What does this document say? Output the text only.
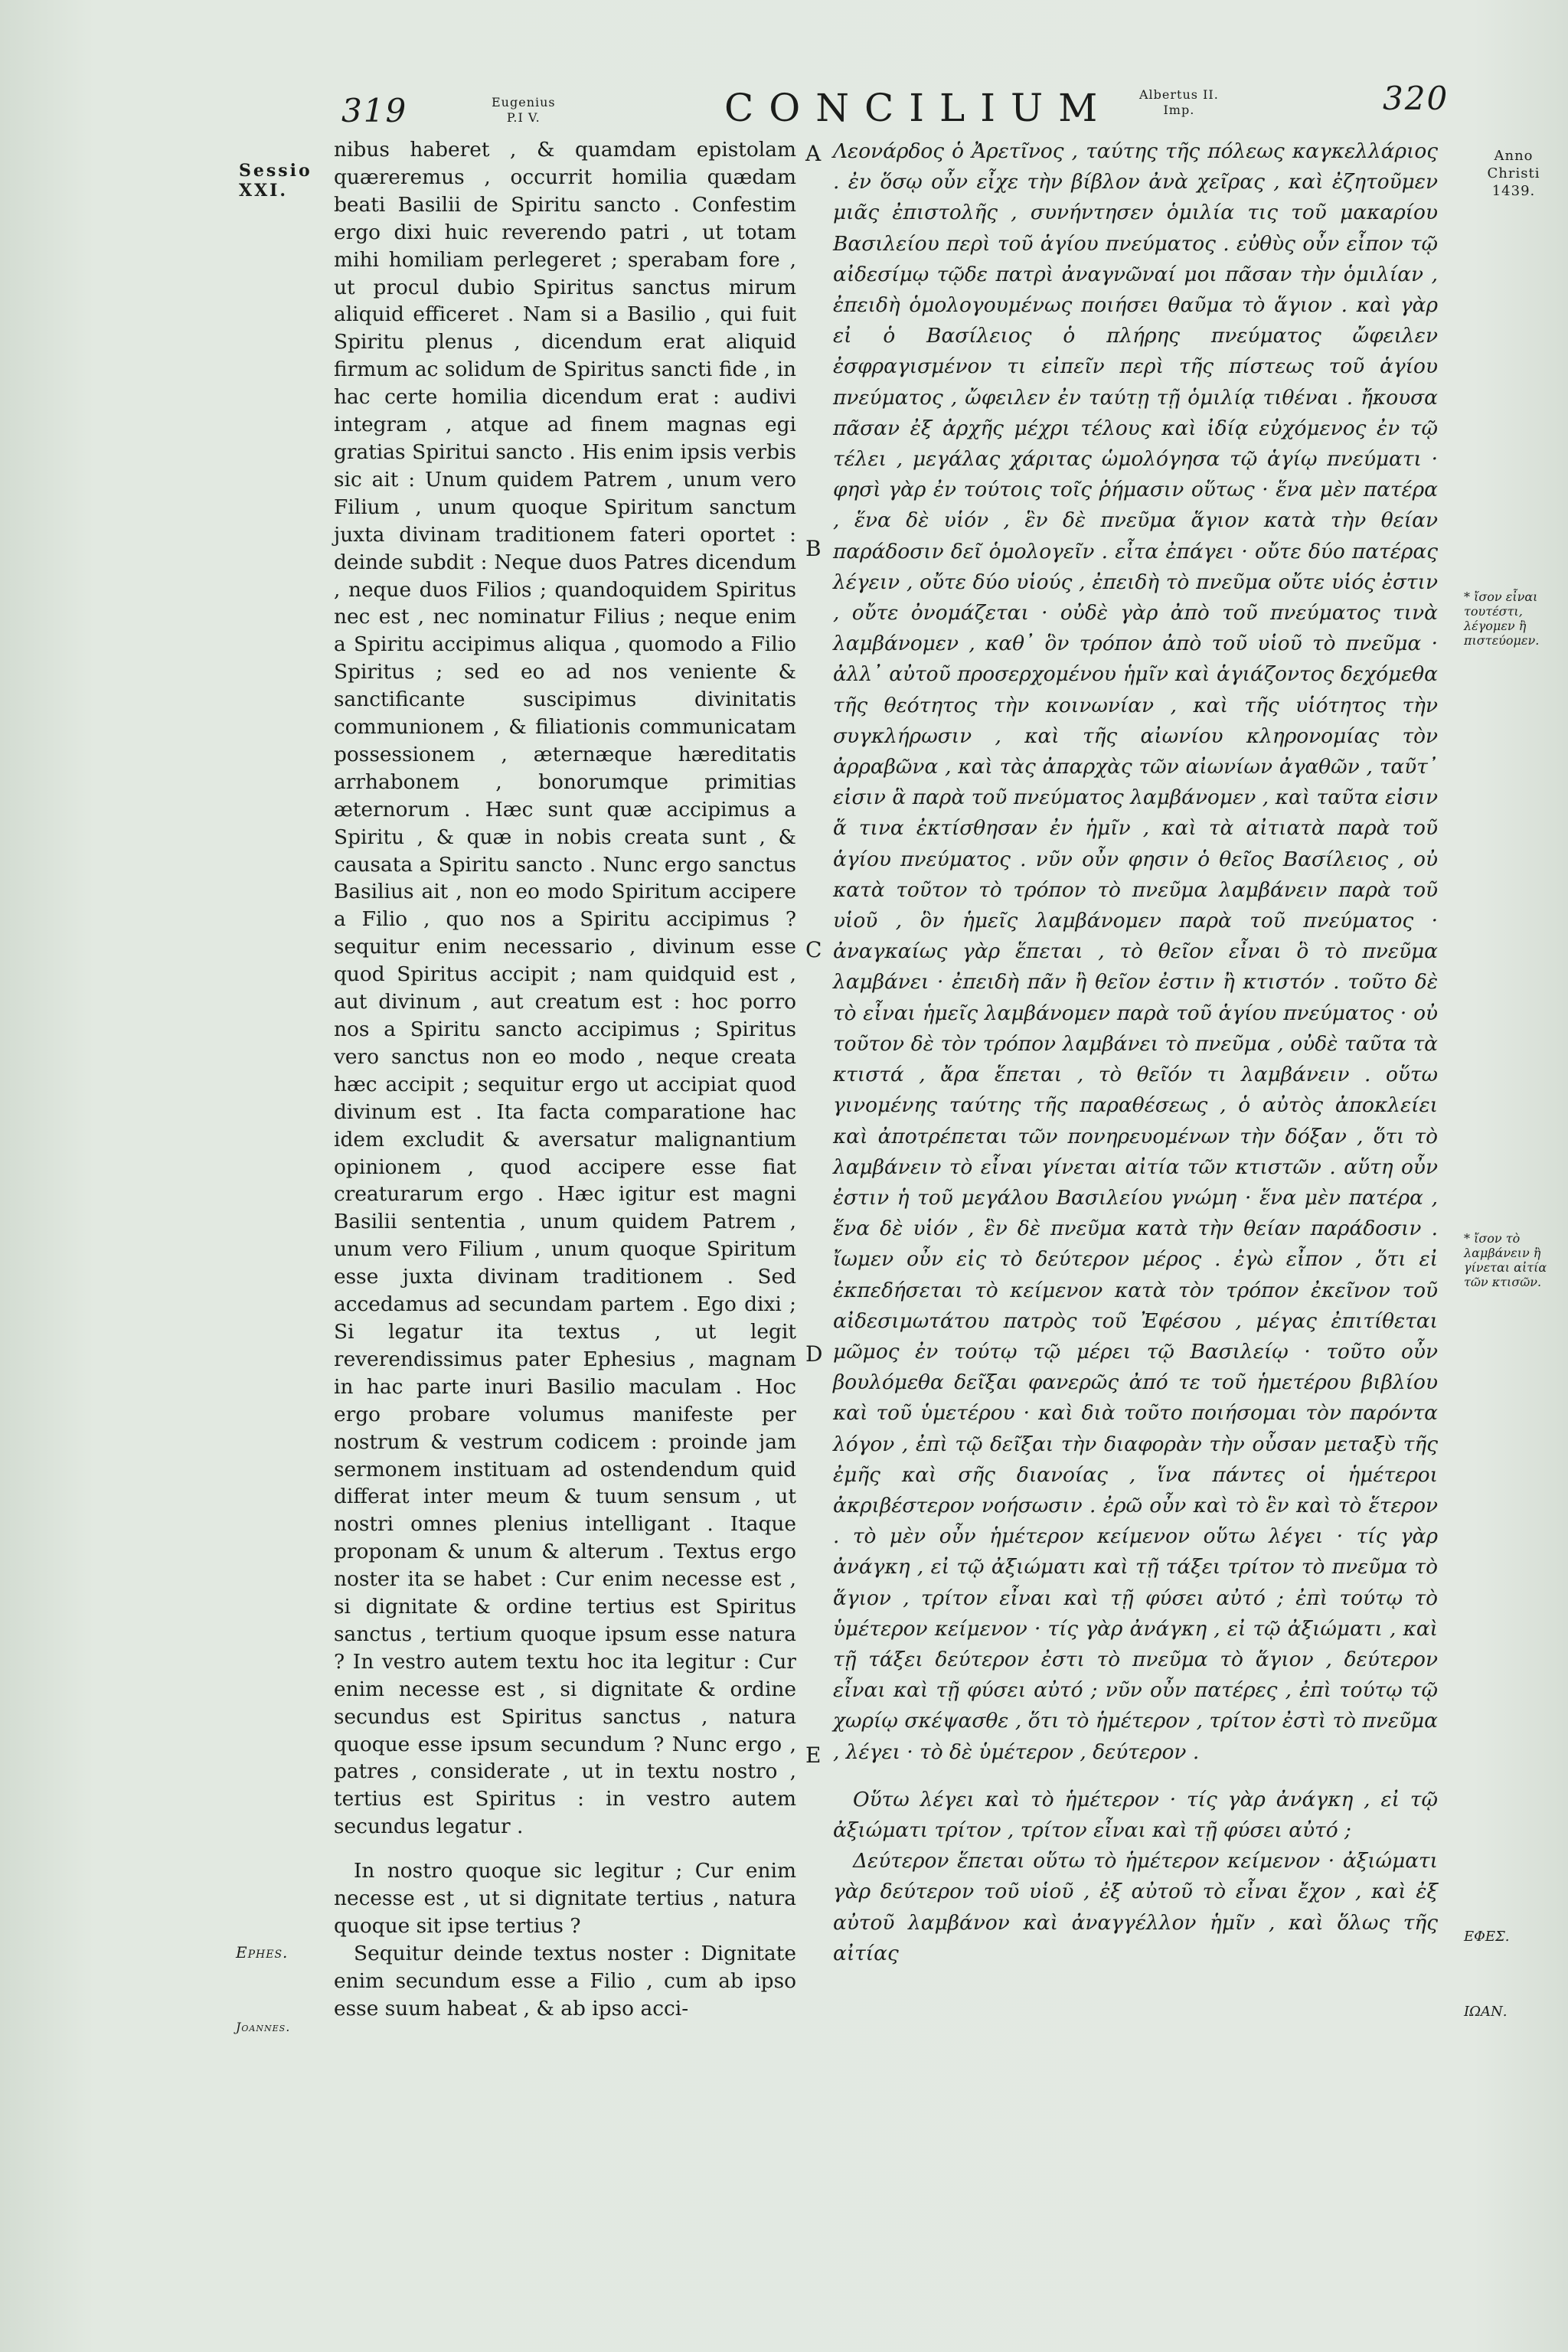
319	Eugenius
P.I V.	CONCILIUM Albertus II.
Imp.	320
Sessio
XXI.
Ephes.
Joannes.
Anno
Christi
1439.
* ἴσον εἶναι τουτέστι, λέγομεν ἢ πιστεύομεν.
* ἴσον τὸ λαμβάνειν ἢ γίνεται αἰτία τῶν κτισῶν.
ΕΦΕΣ.
ΙΩΑΝ.
A
B
C
D
E

nibus haberet , & quamdam epistolam quæreremus , occurrit homilia quædam beati Basilii de Spiritu sancto . Confestim ergo dixi huic reverendo patri , ut totam mihi homiliam perlegeret ; sperabam fore , ut procul dubio Spiritus sanctus mirum aliquid efficeret . Nam si a Basilio , qui fuit Spiritu plenus , dicendum erat aliquid firmum ac solidum de Spiritus sancti fide , in hac certe homilia dicendum erat : audivi integram , atque ad finem magnas egi gratias Spiritui sancto . His enim ipsis verbis sic ait : Unum quidem Patrem , unum vero Filium , unum quoque Spiritum sanctum juxta divinam traditionem fateri oportet : deinde subdit : Neque duos Patres dicendum , neque duos Filios ; quandoquidem Spiritus nec est , nec nominatur Filius ; neque enim a Spiritu accipimus aliqua , quomodo a Filio Spiritus ; sed eo ad nos veniente & sanctificante suscipimus divinitatis communionem , & filiationis communicatam possessionem , æternæque hæreditatis arrhabonem , bonorumque primitias æternorum . Hæc sunt quæ accipimus a Spiritu , & quæ in nobis creata sunt , & causata a Spiritu sancto . Nunc ergo sanctus Basilius ait , non eo modo Spiritum accipere a Filio , quo nos a Spiritu accipimus ? sequitur enim necessario , divinum esse quod Spiritus accipit ; nam quidquid est , aut divinum , aut creatum est : hoc porro nos a Spiritu sancto accipimus ; Spiritus vero sanctus non eo modo , neque creata hæc accipit ; sequitur ergo ut accipiat quod divinum est . Ita facta comparatione hac idem excludit & aversatur malignantium opinionem , quod accipere esse fiat creaturarum ergo . Hæc igitur est magni Basilii sententia , unum quidem Patrem , unum vero Filium , unum quoque Spiritum esse juxta divinam traditionem . Sed accedamus ad secundam partem . Ego dixi ; Si legatur ita textus , ut legit reverendissimus pater Ephesius , magnam in hac parte inuri Basilio maculam . Hoc ergo probare volumus manifeste per nostrum & vestrum codicem : proinde jam sermonem instituam ad ostendendum quid differat inter meum & tuum sensum , ut nostri omnes plenius intelligant . Itaque proponam & unum & alterum . Textus ergo noster ita se habet : Cur enim necesse est , si dignitate & ordine tertius est Spiritus sanctus , tertium quoque ipsum esse natura ? In vestro autem textu hoc ita legitur : Cur enim necesse est , si dignitate & ordine secundus est Spiritus sanctus , natura quoque esse ipsum secundum ? Nunc ergo , patres , considerate , ut in textu nostro , tertius est Spiritus : in vestro autem secundus legatur .

In nostro quoque sic legitur ; Cur enim necesse est , ut si dignitate tertius , natura quoque sit ipse tertius ?

Sequitur deinde textus noster : Dignitate enim secundum esse a Filio , cum ab ipso esse suum habeat , & ab ipso acci-

Λεονάρδος ὁ Ἀρετῖνος , ταύτης τῆς πόλεως καγκελλάριος . ἐν ὅσῳ οὖν εἶχε τὴν βίβλον ἀνὰ χεῖρας , καὶ ἐζητοῦμεν μιᾶς ἐπιστολῆς , συνήντησεν ὁμιλία τις τοῦ μακαρίου Βασιλείου περὶ τοῦ ἁγίου πνεύματος . εὐθὺς οὖν εἶπον τῷ αἰδεσίμῳ τῷδε πατρὶ ἀναγνῶναί μοι πᾶσαν τὴν ὁμιλίαν , ἐπειδὴ ὁμολογουμένως ποιήσει θαῦμα τὸ ἅγιον . καὶ γὰρ εἰ ὁ Βασίλειος ὁ πλήρης πνεύματος ὤφειλεν ἐσφραγισμένον τι εἰπεῖν περὶ τῆς πίστεως τοῦ ἁγίου πνεύματος , ὤφειλεν ἐν ταύτῃ τῇ ὁμιλίᾳ τιθέναι . ἤκουσα πᾶσαν ἐξ ἀρχῆς μέχρι τέλους καὶ ἰδίᾳ εὐχόμενος ἐν τῷ τέλει , μεγάλας χάριτας ὡμολόγησα τῷ ἁγίῳ πνεύματι · φησὶ γὰρ ἐν τούτοις τοῖς ῥήμασιν οὕτως · ἕνα μὲν πατέρα , ἕνα δὲ υἱόν , ἓν δὲ πνεῦμα ἅγιον κατὰ τὴν θείαν παράδοσιν δεῖ ὁμολογεῖν . εἶτα ἐπάγει · οὔτε δύο πατέρας λέγειν , οὔτε δύο υἱούς , ἐπειδὴ τὸ πνεῦμα οὔτε υἱός ἐστιν , οὔτε ὀνομάζεται · οὐδὲ γὰρ ἀπὸ τοῦ πνεύματος τινὰ λαμβάνομεν , καθ᾽ ὃν τρόπον ἀπὸ τοῦ υἱοῦ τὸ πνεῦμα · ἀλλ᾽ αὐτοῦ προσερχομένου ἡμῖν καὶ ἁγιάζοντος δεχόμεθα τῆς θεότητος τὴν κοινωνίαν , καὶ τῆς υἱότητος τὴν συγκλήρωσιν , καὶ τῆς αἰωνίου κληρονομίας τὸν ἀρραβῶνα , καὶ τὰς ἀπαρχὰς τῶν αἰωνίων ἀγαθῶν , ταῦτ᾽ εἰσιν ἃ παρὰ τοῦ πνεύματος λαμβάνομεν , καὶ ταῦτα εἰσιν ἅ τινα ἐκτίσθησαν ἐν ἡμῖν , καὶ τὰ αἰτιατὰ παρὰ τοῦ ἁγίου πνεύματος . νῦν οὖν φησιν ὁ θεῖος Βασίλειος , οὐ κατὰ τοῦτον τὸ τρόπον τὸ πνεῦμα λαμβάνειν παρὰ τοῦ υἱοῦ , ὃν ἡμεῖς λαμβάνομεν παρὰ τοῦ πνεύματος · ἀναγκαίως γὰρ ἕπεται , τὸ θεῖον εἶναι ὃ τὸ πνεῦμα λαμβάνει · ἐπειδὴ πᾶν ἢ θεῖον ἐστιν ἢ κτιστόν . τοῦτο δὲ τὸ εἶναι ἡμεῖς λαμβάνομεν παρὰ τοῦ ἁγίου πνεύματος · οὐ τοῦτον δὲ τὸν τρόπον λαμβάνει τὸ πνεῦμα , οὐδὲ ταῦτα τὰ κτιστά , ἄρα ἕπεται , τὸ θεῖόν τι λαμβάνειν . οὕτω γινομένης ταύτης τῆς παραθέσεως , ὁ αὐτὸς ἀποκλείει καὶ ἀποτρέπεται τῶν πονηρευομένων τὴν δόξαν , ὅτι τὸ λαμβάνειν τὸ εἶναι γίνεται αἰτία τῶν κτιστῶν . αὕτη οὖν ἐστιν ἡ τοῦ μεγάλου Βασιλείου γνώμη · ἕνα μὲν πατέρα , ἕνα δὲ υἱόν , ἓν δὲ πνεῦμα κατὰ τὴν θείαν παράδοσιν . ἴωμεν οὖν εἰς τὸ δεύτερον μέρος . ἐγὼ εἶπον , ὅτι εἰ ἐκπεδήσεται τὸ κείμενον κατὰ τὸν τρόπον ἐκεῖνον τοῦ αἰδεσιμωτάτου πατρὸς τοῦ Ἐφέσου , μέγας ἐπιτίθεται μῶμος ἐν τούτῳ τῷ μέρει τῷ Βασιλείῳ · τοῦτο οὖν βουλόμεθα δεῖξαι φανερῶς ἀπό τε τοῦ ἡμετέρου βιβλίου καὶ τοῦ ὑμετέρου · καὶ διὰ τοῦτο ποιήσομαι τὸν παρόντα λόγον , ἐπὶ τῷ δεῖξαι τὴν διαφορὰν τὴν οὖσαν μεταξὺ τῆς ἐμῆς καὶ σῆς διανοίας , ἵνα πάντες οἱ ἡμέτεροι ἀκριβέστερον νοήσωσιν . ἐρῶ οὖν καὶ τὸ ἓν καὶ τὸ ἕτερον . τὸ μὲν οὖν ἡμέτερον κείμενον οὕτω λέγει · τίς γὰρ ἀνάγκη , εἰ τῷ ἀξιώματι καὶ τῇ τάξει τρίτον τὸ πνεῦμα τὸ ἅγιον , τρίτον εἶναι καὶ τῇ φύσει αὐτό ; ἐπὶ τούτῳ τὸ ὑμέτερον κείμενον · τίς γὰρ ἀνάγκη , εἰ τῷ ἀξιώματι , καὶ τῇ τάξει δεύτερον ἐστι τὸ πνεῦμα τὸ ἅγιον , δεύτερον εἶναι καὶ τῇ φύσει αὐτό ; νῦν οὖν πατέρες , ἐπὶ τούτῳ τῷ χωρίῳ σκέψασθε , ὅτι τὸ ἡμέτερον , τρίτον ἐστὶ τὸ πνεῦμα , λέγει · τὸ δὲ ὑμέτερον , δεύτερον .

Οὕτω λέγει καὶ τὸ ἡμέτερον · τίς γὰρ ἀνάγκη , εἰ τῷ ἀξιώματι τρίτον , τρίτον εἶναι καὶ τῇ φύσει αὐτό ;

Δεύτερον ἕπεται οὕτω τὸ ἡμέτερον κείμενον · ἀξιώματι γὰρ δεύτερον τοῦ υἱοῦ , ἐξ αὐτοῦ τὸ εἶναι ἔχον , καὶ ἐξ αὐτοῦ λαμβάνον καὶ ἀναγγέλλον ἡμῖν , καὶ ὅλως τῆς αἰτίας
